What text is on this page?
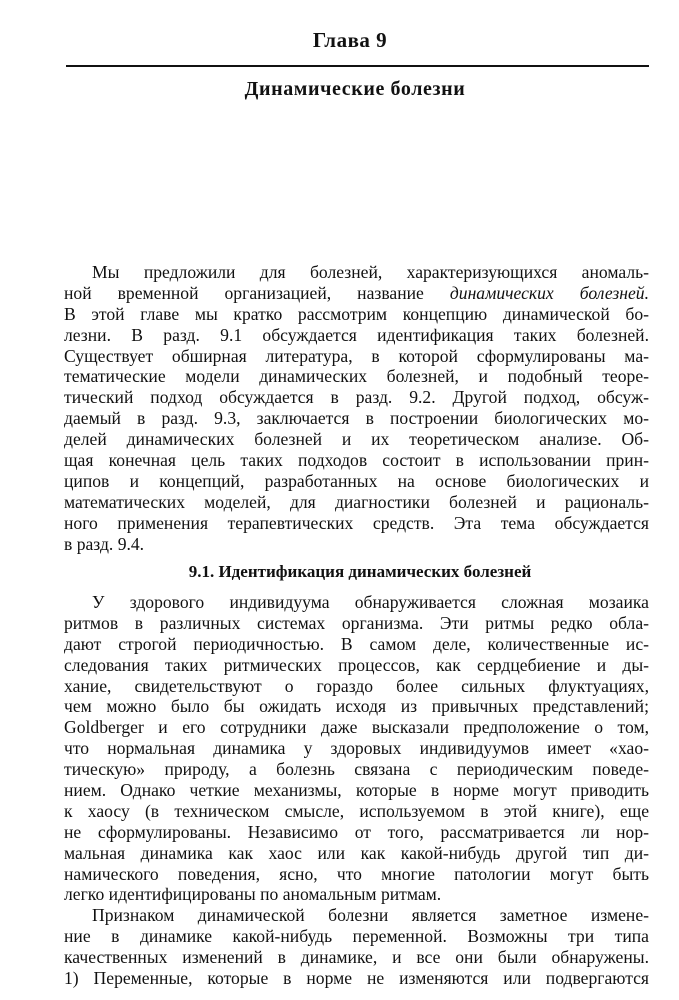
Глава 9
Динамические болезни
Мы предложили для болезней, характеризующихся аномаль-
ной временной организацией, название динамических болезней.
В этой главе мы кратко рассмотрим концепцию динамической бо-
лезни. В разд. 9.1 обсуждается идентификация таких болезней.
Существует обширная литература, в которой сформулированы ма-
тематические модели динамических болезней, и подобный теоре-
тический подход обсуждается в разд. 9.2. Другой подход, обсуж-
даемый в разд. 9.3, заключается в построении биологических мо-
делей динамических болезней и их теоретическом анализе. Об-
щая конечная цель таких подходов состоит в использовании прин-
ципов и концепций, разработанных на основе биологических и
математических моделей, для диагностики болезней и рациональ-
ного применения терапевтических средств. Эта тема обсуждается
в разд. 9.4.
9.1. Идентификация динамических болезней
У здорового индивидуума обнаруживается сложная мозаика
ритмов в различных системах организма. Эти ритмы редко обла-
дают строгой периодичностью. В самом деле, количественные ис-
следования таких ритмических процессов, как сердцебиение и ды-
хание, свидетельствуют о гораздо более сильных флуктуациях,
чем можно было бы ожидать исходя из привычных представлений;
Goldberger и его сотрудники даже высказали предположение о том,
что нормальная динамика у здоровых индивидуумов имеет «хао-
тическую» природу, а болезнь связана с периодическим поведе-
нием. Однако четкие механизмы, которые в норме могут приводить
к хаосу (в техническом смысле, используемом в этой книге), еще
не сформулированы. Независимо от того, рассматривается ли нор-
мальная динамика как хаос или как какой-нибудь другой тип ди-
намического поведения, ясно, что многие патологии могут быть
легко идентифицированы по аномальным ритмам.
Признаком динамической болезни является заметное измене-
ние в динамике какой-нибудь переменной. Возможны три типа
качественных изменений в динамике, и все они были обнаружены.
1) Переменные, которые в норме не изменяются или подвергаются
